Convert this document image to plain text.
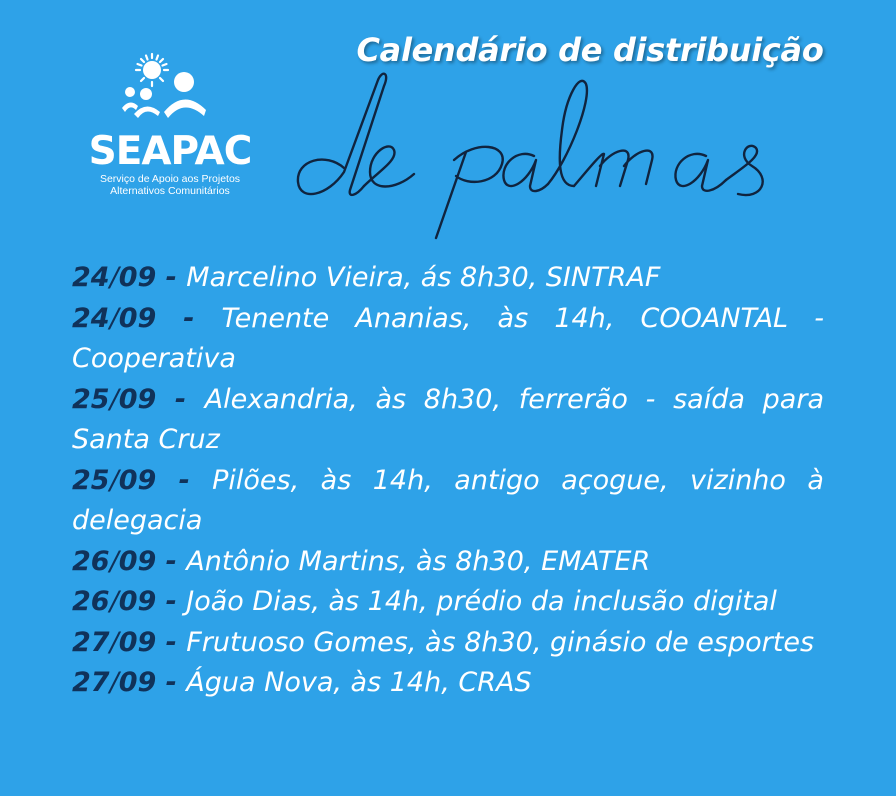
SEAPAC
Serviço de Apoio aos Projetos
Alternativos Comunitários
Calendário de distribuição

24/09 - Marcelino Vieira, ás 8h30, SINTRAF

24/09 - Tenente Ananias, às 14h, COOANTAL - Cooperativa

25/09 - Alexandria, às 8h30, ferrerão - saída para Santa Cruz

25/09 - Pilões, às 14h, antigo açogue, vizinho à delegacia

26/09 - Antônio Martins, às 8h30, EMATER

26/09 - João Dias, às 14h, prédio da inclusão digital

27/09 - Frutuoso Gomes, às 8h30, ginásio de esportes

27/09 - Água Nova, às 14h, CRAS
